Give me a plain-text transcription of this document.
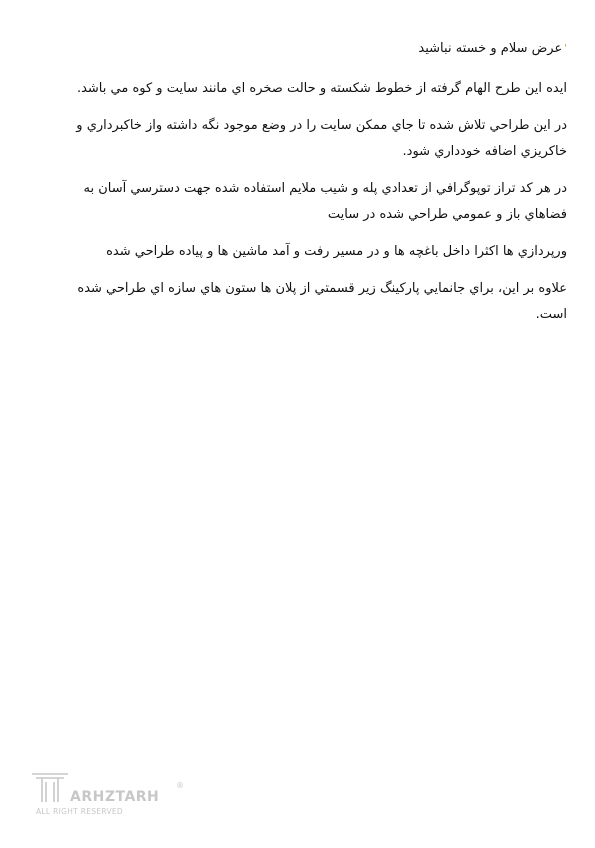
'عرض سلام و خسته نباشيد

ايده اين طرح الهام گرفته از خطوط شكسته و حالت صخره اي مانند سايت و كوه مي باشد.

در اين طراحي تلاش شده تا جاي ممكن سايت را در وضع موجود نگه داشته واز خاكبرداري و خاكريزي اضافه خودداري شود.

در هر كد تراز توپوگرافي از تعدادي پله و شيب ملايم استفاده شده جهت دسترسي آسان به فضاهاي باز و عمومي طراحي شده در سايت

ورپردازي ها اكثرا داخل باغچه ها و در مسير رفت و آمد ماشين ها و پياده طراحي شده

علاوه بر اين، براي جانمايي پاركينگ زير قسمتي از پلان ها ستون هاي سازه اي طراحي شده است.

ARHZTARH
®
ALL RIGHT RESERVED
